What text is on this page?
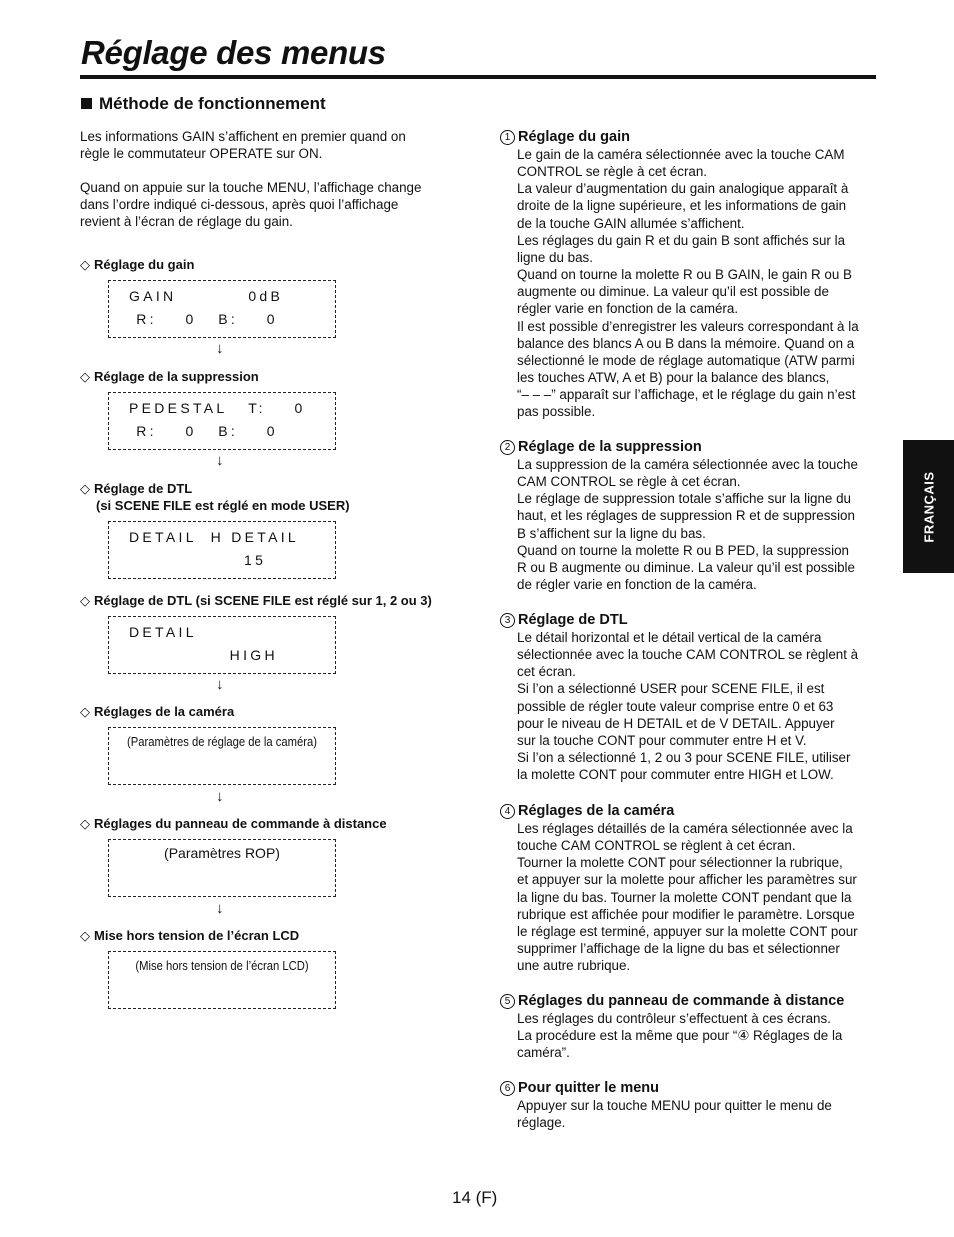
Réglage des menus
Méthode de fonctionnement
Les informations GAIN s’affichent en premier quand on
règle le commutateur OPERATE sur ON.
Quand on appuie sur la touche MENU, l’affichage change
dans l’ordre indiqué ci-dessous, après quoi l’affichage
revient à l’écran de réglage du gain.
◇ Réglage du gain
GAIN          0dB
R:    0   B:    0
↓
◇ Réglage de la suppression
PEDESTAL   T:    0
R:    0   B:    0
↓
◇ Réglage de DTL
(si SCENE FILE est réglé en mode USER)
DETAIL  H DETAIL
15
◇ Réglage de DTL (si SCENE FILE est réglé sur 1, 2 ou 3)
DETAIL
HIGH
↓
◇ Réglages de la caméra
(Paramètres de réglage de la caméra)
↓
◇ Réglages du panneau de commande à distance
(Paramètres ROP)
↓
◇ Mise hors tension de l’écran LCD
(Mise hors tension de l’écran LCD)
1 Réglage du gain

Le gain de la caméra sélectionnée avec la touche CAM

CONTROL se règle à cet écran.

La valeur d’augmentation du gain analogique apparaît à

droite de la ligne supérieure, et les informations de gain

de la touche GAIN allumée s’affichent.

Les réglages du gain R et du gain B sont affichés sur la

ligne du bas.

Quand on tourne la molette R ou B GAIN, le gain R ou B

augmente ou diminue. La valeur qu’il est possible de

régler varie en fonction de la caméra.

Il est possible d’enregistrer les valeurs correspondant à la

balance des blancs A ou B dans la mémoire. Quand on a

sélectionné le mode de réglage automatique (ATW parmi

les touches ATW, A et B) pour la balance des blancs,

“– – –” apparaît sur l’affichage, et le réglage du gain n’est

pas possible.

2 Réglage de la suppression

La suppression de la caméra sélectionnée avec la touche

CAM CONTROL se règle à cet écran.

Le réglage de suppression totale s’affiche sur la ligne du

haut, et les réglages de suppression R et de suppression

B s’affichent sur la ligne du bas.

Quand on tourne la molette R ou B PED, la suppression

R ou B augmente ou diminue. La valeur qu’il est possible

de régler varie en fonction de la caméra.

3 Réglage de DTL

Le détail horizontal et le détail vertical de la caméra

sélectionnée avec la touche CAM CONTROL se règlent à

cet écran.

Si l’on a sélectionné USER pour SCENE FILE, il est

possible de régler toute valeur comprise entre 0 et 63

pour le niveau de H DETAIL et de V DETAIL. Appuyer

sur la touche CONT pour commuter entre H et V.

Si l’on a sélectionné 1, 2 ou 3 pour SCENE FILE, utiliser

la molette CONT pour commuter entre HIGH et LOW.

4 Réglages de la caméra

Les réglages détaillés de la caméra sélectionnée avec la

touche CAM CONTROL se règlent à cet écran.

Tourner la molette CONT pour sélectionner la rubrique,

et appuyer sur la molette pour afficher les paramètres sur

la ligne du bas. Tourner la molette CONT pendant que la

rubrique est affichée pour modifier le paramètre. Lorsque

le réglage est terminé, appuyer sur la molette CONT pour

supprimer l’affichage de la ligne du bas et sélectionner

une autre rubrique.

5 Réglages du panneau de commande à distance

Les réglages du contrôleur s’effectuent à ces écrans.

La procédure est la même que pour “④ Réglages de la

caméra”.

6 Pour quitter le menu

Appuyer sur la touche MENU pour quitter le menu de

réglage.

FRANÇAIS
14 (F)
